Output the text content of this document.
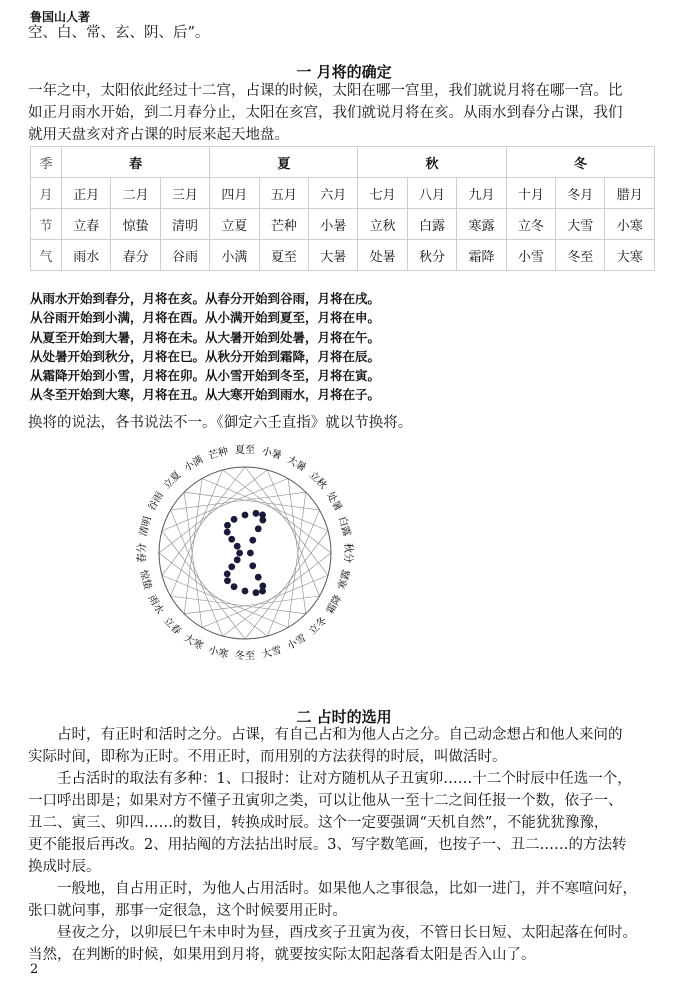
鲁国山人著
空、白、常、玄、阴、后”。
一 月将的确定
一年之中，太阳依此经过十二宫，占课的时候，太阳在哪一宫里，我们就说月将在哪一宫。比
如正月雨水开始，到二月春分止，太阳在亥宫，我们就说月将在亥。从雨水到春分占课，我们
就用天盘亥对齐占课的时辰来起天地盘。
季	春			夏			秋			冬		
月	正月	二月	三月	四月	五月	六月	七月	八月	九月	十月	冬月	腊月
节	立春	惊蛰	清明	立夏	芒种	小暑	立秋	白露	寒露	立冬	大雪	小寒
气	雨水	春分	谷雨	小满	夏至	大暑	处暑	秋分	霜降	小雪	冬至	大寒
从雨水开始到春分，月将在亥。从春分开始到谷雨，月将在戌。
从谷雨开始到小满，月将在酉。从小满开始到夏至，月将在申。
从夏至开始到大暑，月将在未。从大暑开始到处暑，月将在午。
从处暑开始到秋分，月将在巳。从秋分开始到霜降，月将在辰。
从霜降开始到小雪，月将在卯。从小雪开始到冬至，月将在寅。
从冬至开始到大寒，月将在丑。从大寒开始到雨水，月将在子。
换将的说法，各书说法不一。《御定六壬直指》就以节换将。
夏至 小暑
大暑
立秋
处暑
白露
秋分
寒露
霜降
立冬
小雪
大雪
冬至
小寒
大寒
立春
雨水
惊蛰
春分
清明
谷雨
立夏
小满
芒种
二 占时的选用
占时，有正时和活时之分。占课，有自己占和为他人占之分。自己动念想占和他人来问的
实际时间，即称为正时。不用正时，而用别的方法获得的时辰，叫做活时。
壬占活时的取法有多种：1、口报时：让对方随机从子丑寅卯……十二个时辰中任选一个，
一口呼出即是；如果对方不懂子丑寅卯之类，可以让他从一至十二之间任报一个数，依子一、
丑二、寅三、卯四……的数目，转换成时辰。这个一定要强调“天机自然”，不能犹犹豫豫，
更不能报后再改。2、用拈阄的方法拈出时辰。3、写字数笔画，也按子一、丑二……的方法转
换成时辰。
一般地，自占用正时，为他人占用活时。如果他人之事很急，比如一进门，并不寒喧问好，
张口就问事，那事一定很急，这个时候要用正时。
昼夜之分，以卯辰巳午未申时为昼，酉戌亥子丑寅为夜，不管日长日短、太阳起落在何时。
当然，在判断的时候，如果用到月将，就要按实际太阳起落看太阳是否入山了。
2
